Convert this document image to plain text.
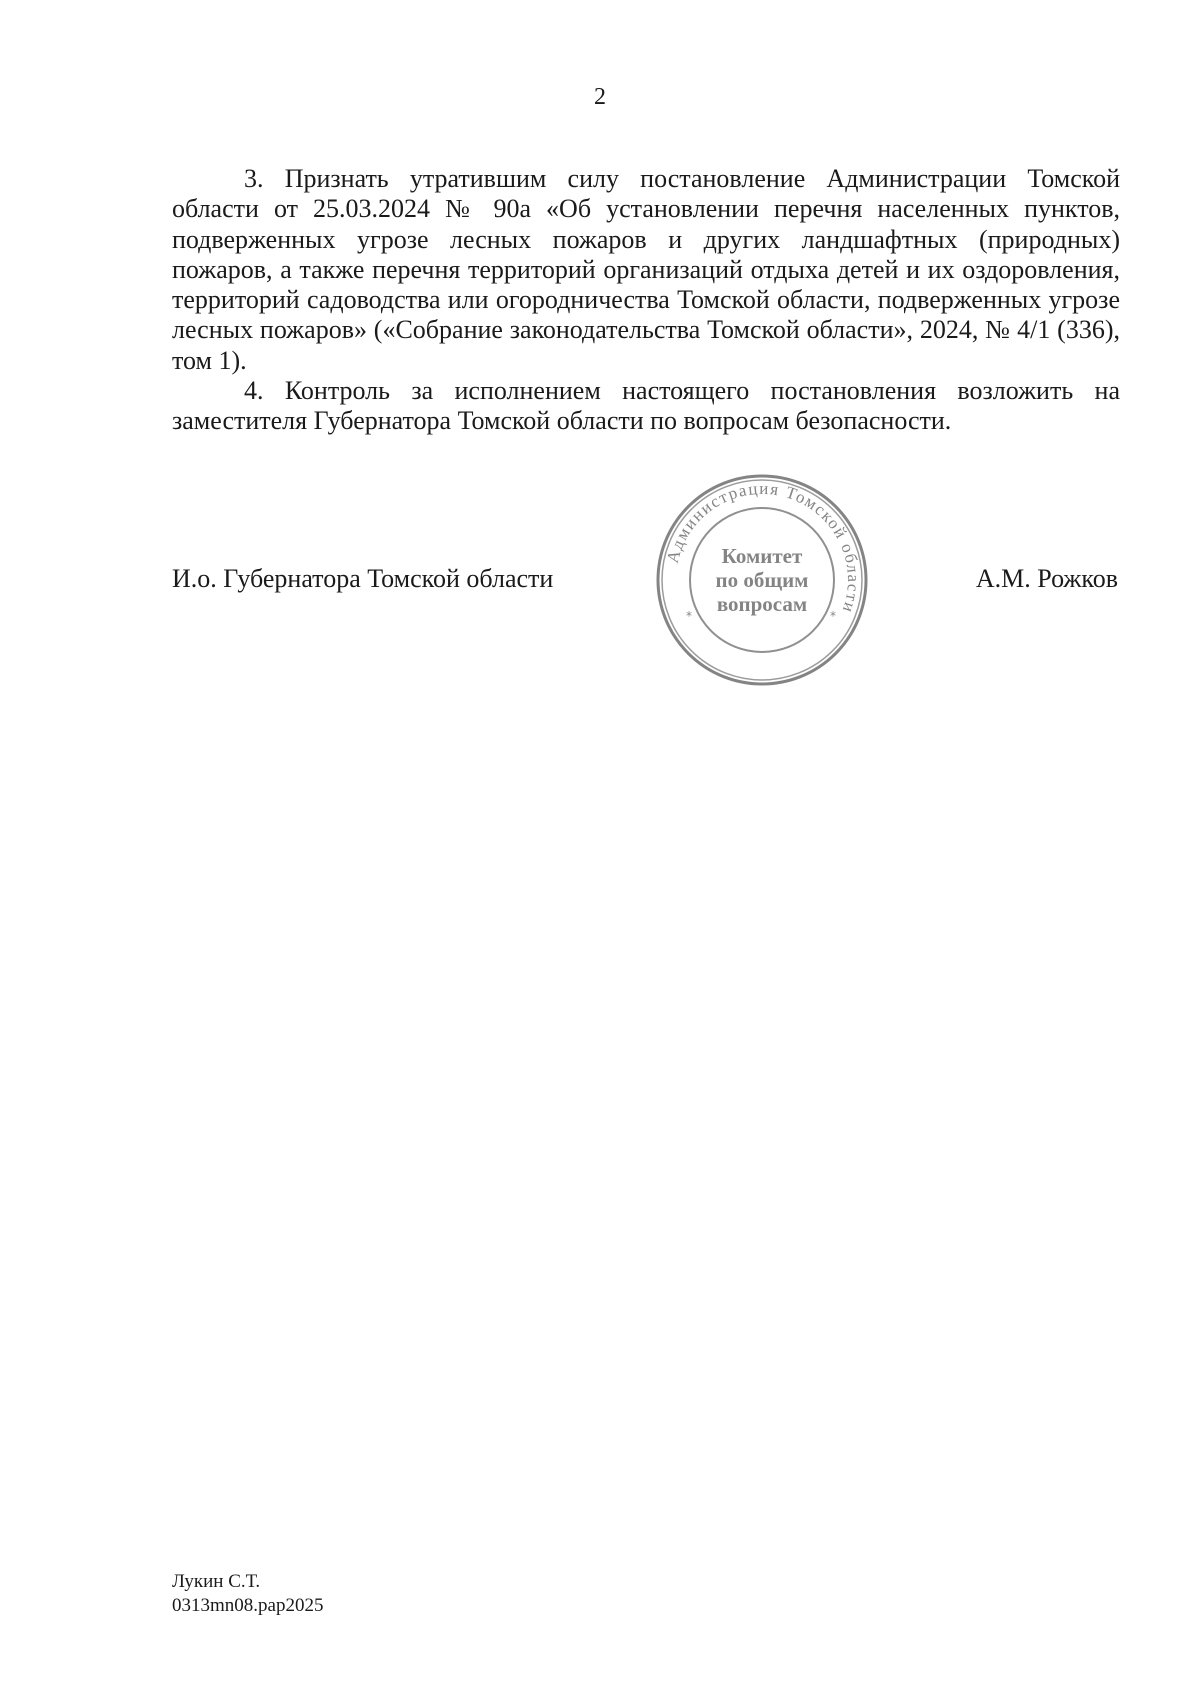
2

3. Признать утратившим силу постановление Администрации Томской области от 25.03.2024 № 90а «Об установлении перечня населенных пунктов, подверженных угрозе лесных пожаров и других ландшафтных (природных) пожаров, а также перечня территорий организаций отдыха детей и их оздоровления, территорий садоводства или огородничества Томской области, подверженных угрозе лесных пожаров» («Собрание законодательства Томской области», 2024, № 4/1 (336), том 1).

4. Контроль за исполнением настоящего постановления возложить на заместителя Губернатора Томской области по вопросам безопасности.

И.о. Губернатора Томской области
Администрация Томской области
*	*
Комитет
по общим
вопросам
А.М. Рожков
Лукин С.Т.
0313mn08.pap2025
